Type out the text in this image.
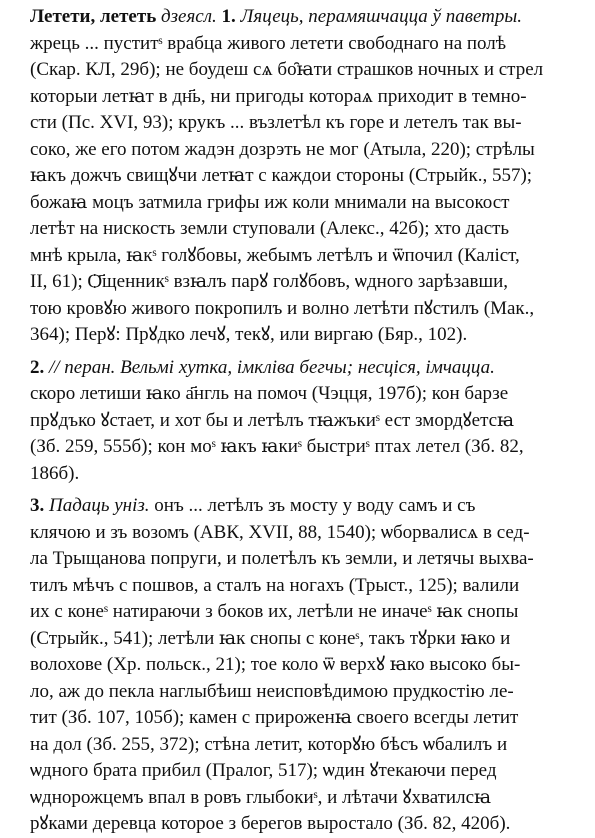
Летети, лететь дзеясл. 1. Ляцець, перамяшчацца ў паветры.
жрець ... пуститˢ врабца живого летети свободнаго на полѣ
(Скар. КЛ, 29б); не боудеш сѧ бо̑ꙗти страшков ночных и стрел
которыи летꙗт в дн҃ь, ни пригоды котораѧ приходит в темно-
сти (Пс. XVI, 93); крукъ ... възлетѣл къ горе и летелъ так вы-
соко, же его потом жадэн дозрэть не мог (Атыла, 220); стрѣлы
ꙗкъ дожчъ свищꙋчи летꙗт с каждои стороны (Стрыйк., 557);
божаꙗ моцъ затмила грифы иж коли мнимали на высокост
летѣт на нискость земли ступовали (Алекс., 42б); хто дасть
мнѣ крыла, ꙗкˢ голꙋбовы, жебымъ летѣлъ и ѿпочил (Каліст,
II, 61); Ѻ҃щенникˢ взꙗлъ парꙋ голꙋбовъ, ѡдного зарѣзавши,
тою кровꙋю живого покропилъ и волно летѣти пꙋстилъ (Мак.,
364); Перꙋ: Прꙋдко лечꙋ, текꙋ, или виргаю (Бяр., 102).

2. // перан. Вельмі хутка, імкліва бегчы; несціся, імчацца.
скоро летиши ꙗко а҃нгль на помоч (Чэцця, 197б); кон барзе
прꙋдъко ꙋстает, и хот бы и летѣлъ тꙗжъкиˢ ест змордꙋетсꙗ
(Зб. 259, 555б); кон моˢ ꙗкъ ꙗкиˢ быстриˢ птах летел (Зб. 82,
186б).

3. Падаць уніз. онъ ... летѣлъ зъ мосту у воду самъ и съ
клячою и зъ возомъ (АВК, XVII, 88, 1540); ѡборвалисѧ в сед-
ла Трыщанова попруги, и полетѣлъ къ земли, и летячы выхва-
тилъ мѣчъ с пошвов, а сталъ на ногахъ (Трыст., 125); валили
их с конеˢ натираючи з боков их, летѣли не иначеˢ ꙗк снопы
(Стрыйк., 541); летѣли ꙗк снопы с конеˢ, такъ тꙋрки ꙗко и
волохове (Хр. польск., 21); тое коло ѿ верхꙋ ꙗко высоко бы-
ло, аж до пекла наглыбѣиш неисповѣдимою прудкостію ле-
тит (Зб. 107, 105б); камен с прироженꙗ своего всегды летит
на дол (Зб. 255, 372); стѣна летит, которꙋю бѣсъ ѡбалилъ и
ѡдного брата прибил (Пралог, 517); ѡдин ꙋтекаючи перед
ѡднорожцемъ впал в ровъ глыбокиˢ, и лѣтачи ꙋхватилсꙗ
рꙋками деревца которое з берегов выростало (Зб. 82, 420б).
